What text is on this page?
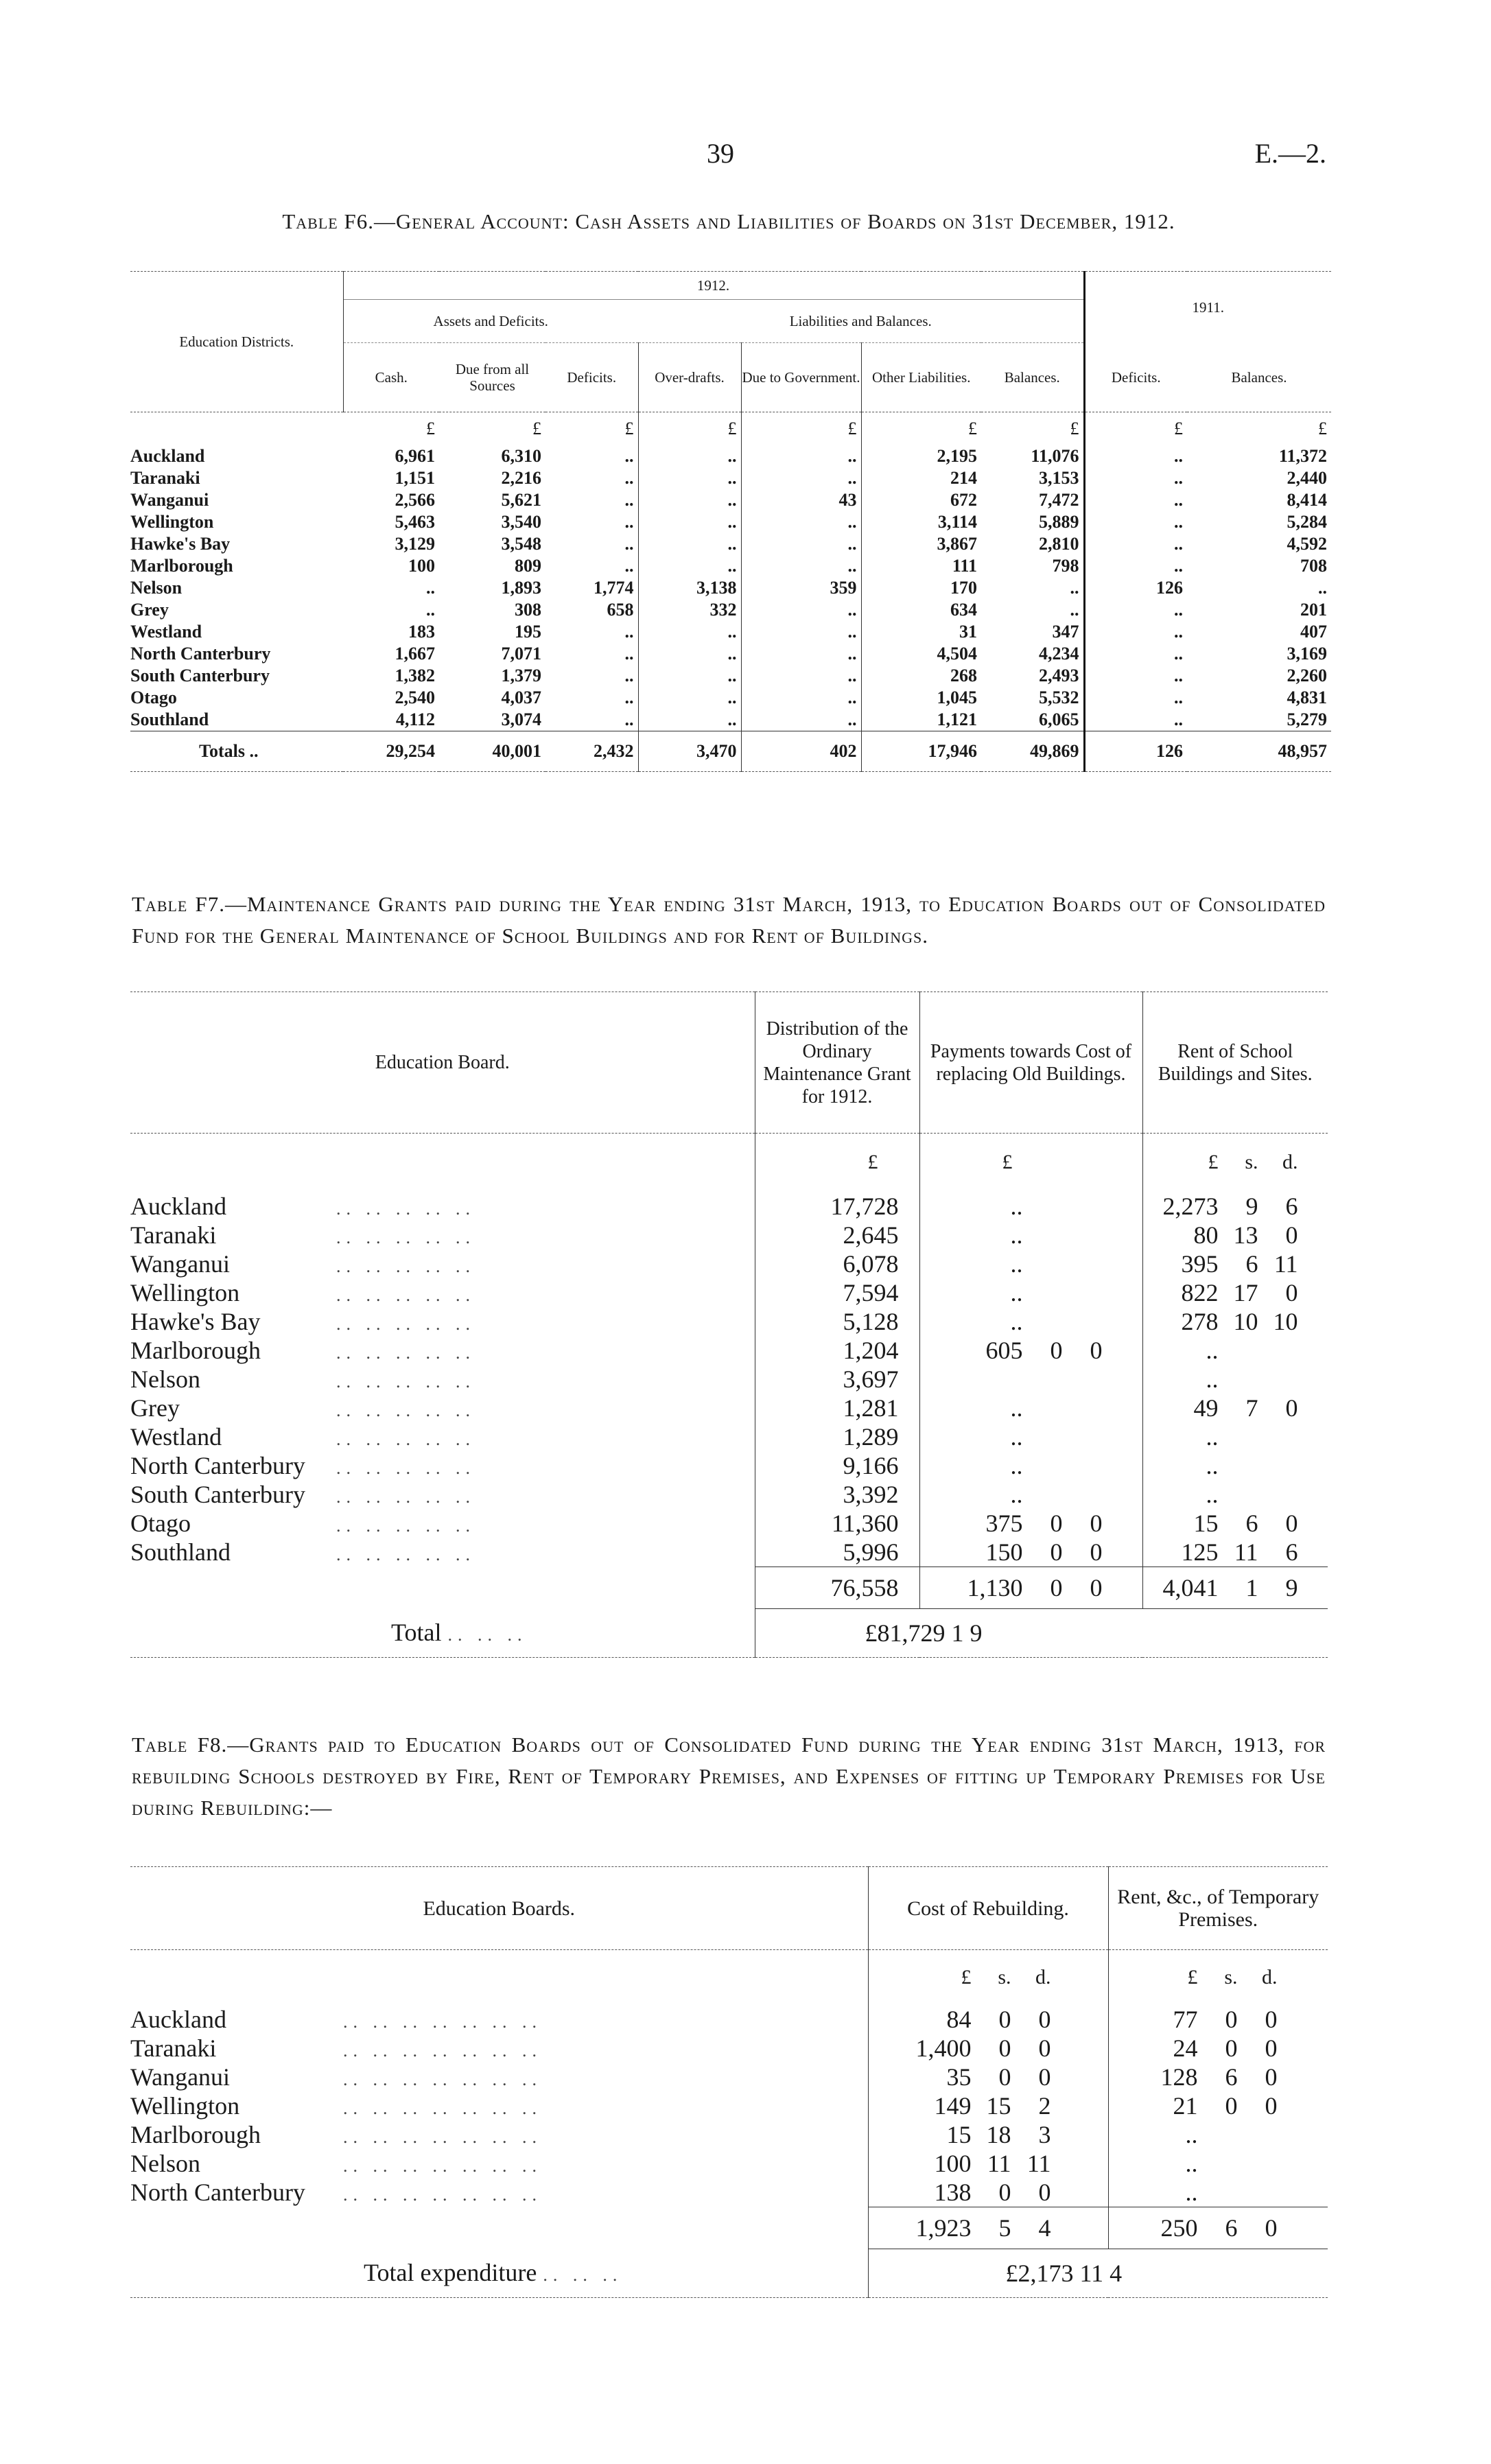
39	E.—2.
Table F6.—General Account: Cash Assets and Liabilities of Boards on 31st December, 1912.
Education Districts.	1912.							1911.	
	Assets and Deficits.			Liabilities and Balances.					
	Cash.	Due from all Sources	Deficits.	Over-drafts.	Due to Government.	Other Liabilities.	Balances.	Deficits.	Balances.
	£	£	£	£	£	£	£	£	£
Auckland	6,961	6,310	..	..	..	2,195	11,076	..	11,372
Taranaki	1,151	2,216	..	..	..	214	3,153	..	2,440
Wanganui	2,566	5,621	..	..	43	672	7,472	..	8,414
Wellington	5,463	3,540	..	..	..	3,114	5,889	..	5,284
Hawke's Bay	3,129	3,548	..	..	..	3,867	2,810	..	4,592
Marlborough	100	809	..	..	..	111	798	..	708
Nelson	..	1,893	1,774	3,138	359	170	..	126	..
Grey	..	308	658	332	..	634	..	..	201
Westland	183	195	..	..	..	31	347	..	407
North Canterbury	1,667	7,071	..	..	..	4,504	4,234	..	3,169
South Canterbury	1,382	1,379	..	..	..	268	2,493	..	2,260
Otago	2,540	4,037	..	..	..	1,045	5,532	..	4,831
Southland	4,112	3,074	..	..	..	1,121	6,065	..	5,279
Totals ..	29,254	40,001	2,432	3,470	402	17,946	49,869	126	48,957
Table F7.—Maintenance Grants paid during the Year ending 31st March, 1913, to Education Boards out of Consolidated Fund for the General Maintenance of School Buildings and for Rent of Buildings.
Education Board.	Distribution of the Ordinary Maintenance Grant for 1912.	Payments towards Cost of replacing Old Buildings.	Rent of School Buildings and Sites.
	£	£	£ s. d.
Auckland .. .. .. .. ..	17,728	..	2,273 9 6
Taranaki .. .. .. .. ..	2,645	..	80 13 0
Wanganui .. .. .. .. ..	6,078	..	395 6 11
Wellington .. .. .. .. ..	7,594	..	822 17 0
Hawke's Bay .. .. .. .. ..	5,128	..	278 10 10
Marlborough .. .. .. .. ..	1,204	605 0 0	..
Nelson .. .. .. .. ..	3,697		..
Grey .. .. .. .. ..	1,281	..	49 7 0
Westland .. .. .. .. ..	1,289	..	..
North Canterbury .. .. .. .. ..	9,166	..	..
South Canterbury .. .. .. .. ..	3,392	..	..
Otago .. .. .. .. ..	11,360	375 0 0	15 6 0
Southland .. .. .. .. ..	5,996	150 0 0	125 11 6
	76,558	1,130 0 0	4,041 1 9
Total .. .. ..	£81,729 1 9		
Table F8.—Grants paid to Education Boards out of Consolidated Fund during the Year ending 31st March, 1913, for rebuilding Schools destroyed by Fire, Rent of Temporary Premises, and Expenses of fitting up Temporary Premises for Use during Rebuilding:—
Education Boards.	Cost of Rebuilding.	Rent, &c., of Temporary Premises.
	£ s. d.	£ s. d.
Auckland .. .. .. .. .. .. ..	84 0 0	77 0 0
Taranaki .. .. .. .. .. .. ..	1,400 0 0	24 0 0
Wanganui .. .. .. .. .. .. ..	35 0 0	128 6 0
Wellington .. .. .. .. .. .. ..	149 15 2	21 0 0
Marlborough .. .. .. .. .. .. ..	15 18 3	..
Nelson .. .. .. .. .. .. ..	100 11 11	..
North Canterbury .. .. .. .. .. .. ..	138 0 0	..
	1,923 5 4	250 6 0
Total expenditure .. .. ..	£2,173 11 4	
